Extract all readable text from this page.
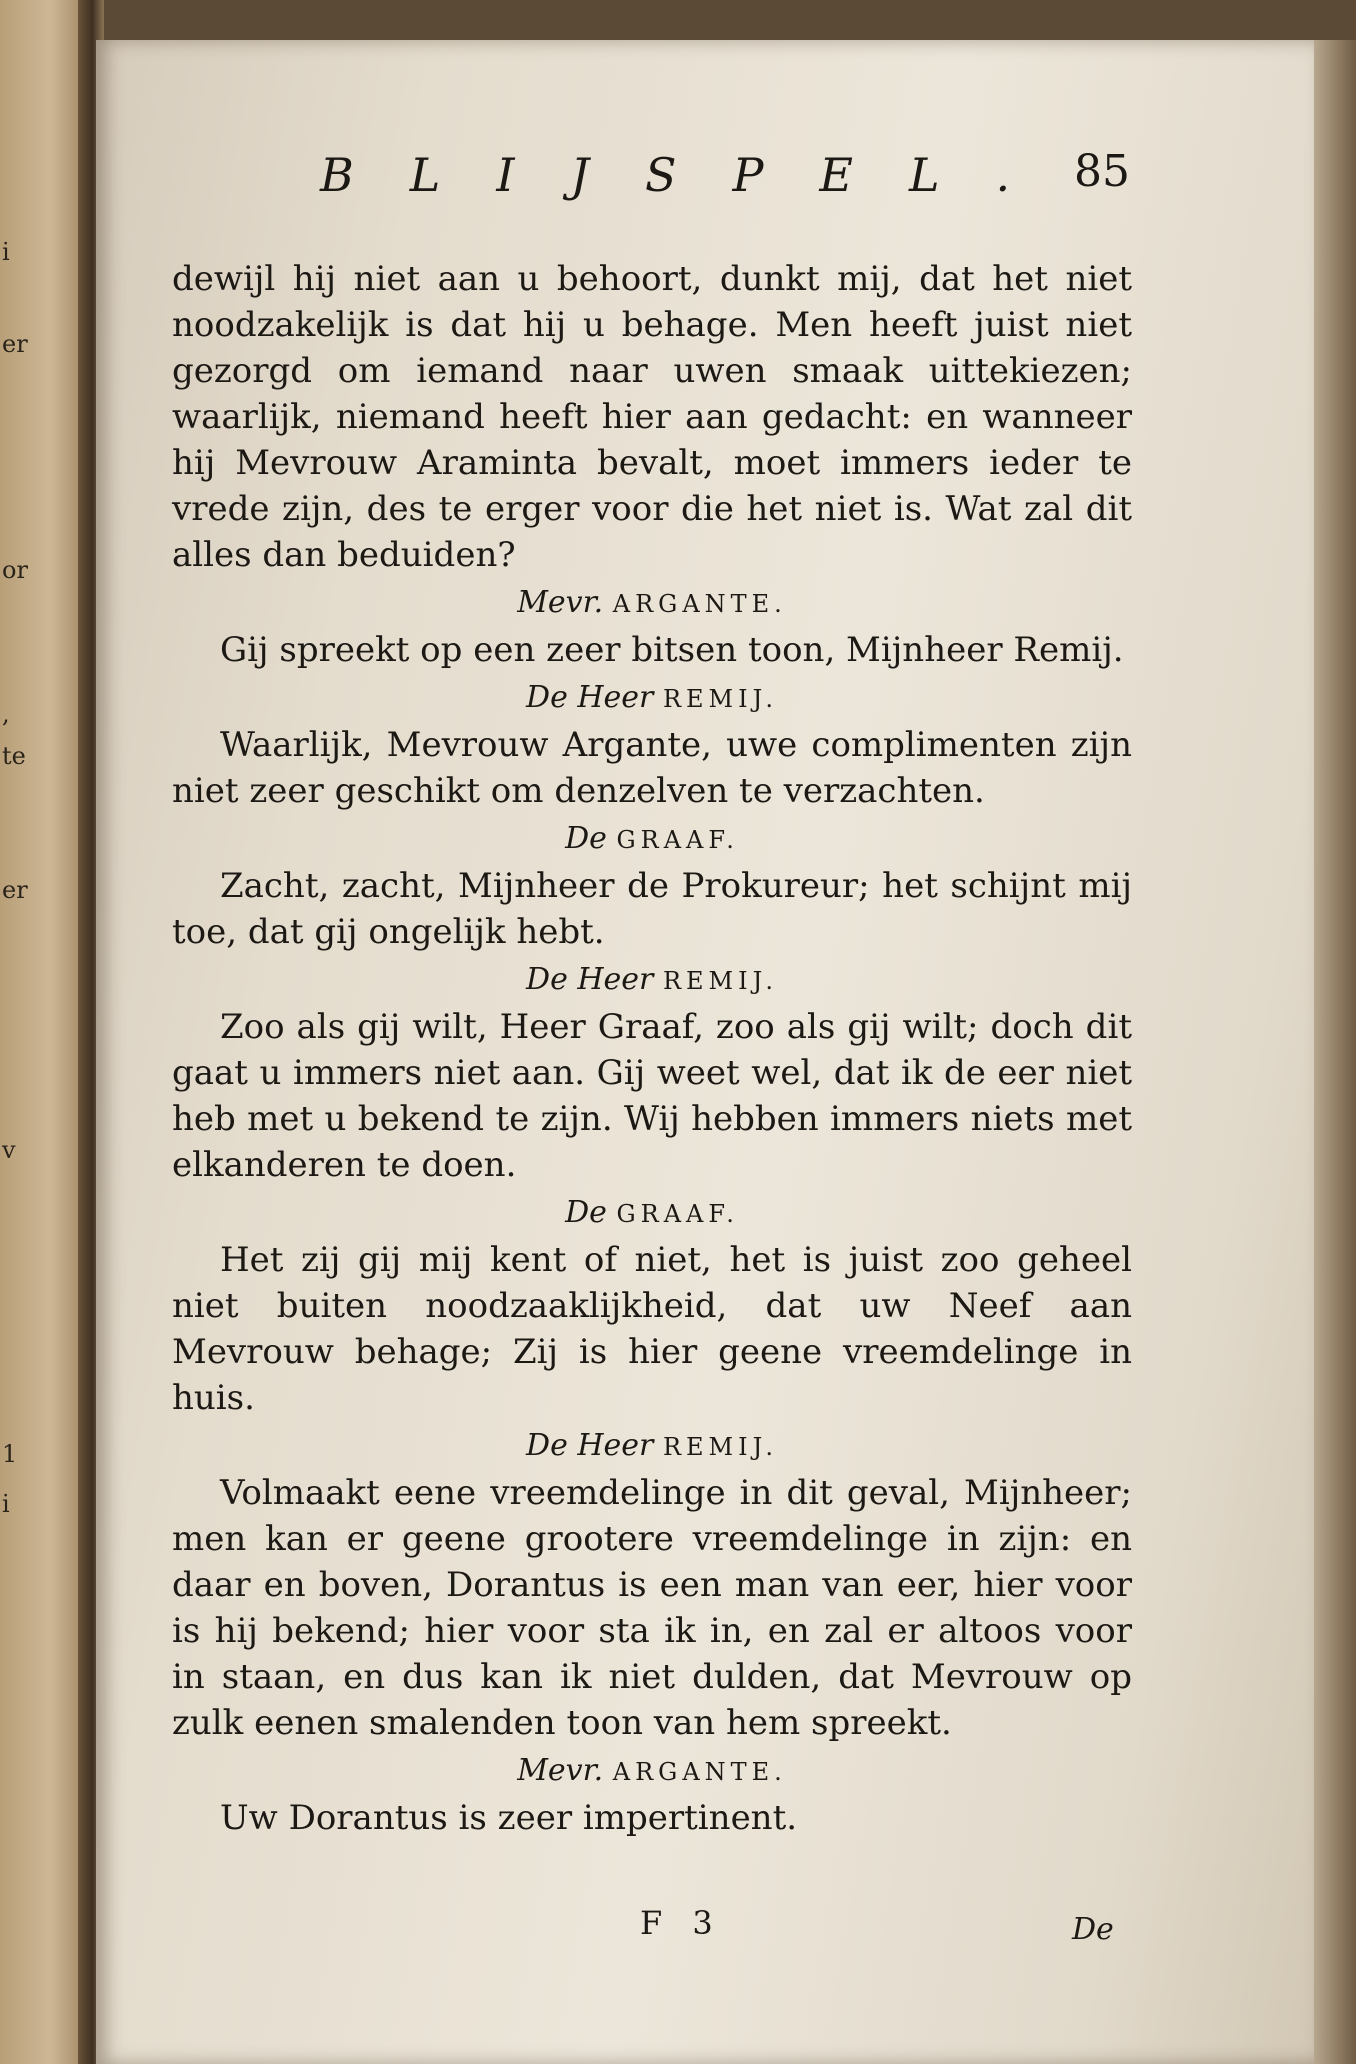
i

er

or

,

te

er

v

1

i

BLIJSPEL. 85

dewijl hij niet aan u behoort, dunkt mij, dat het niet noodzakelijk is dat hij u behage. Men heeft juist niet gezorgd om iemand naar uwen smaak uittekiezen; waarlijk, niemand heeft hier aan gedacht: en wanneer hij Mevrouw Araminta bevalt, moet immers ieder te vrede zijn, des te erger voor die het niet is. Wat zal dit alles dan beduiden?

Mevr. ARGANTE.

Gij spreekt op een zeer bitsen toon, Mijnheer Remij.

De Heer REMIJ.

Waarlijk, Mevrouw Argante, uwe complimenten zijn niet zeer geschikt om denzelven te verzachten.

De GRAAF.

Zacht, zacht, Mijnheer de Prokureur; het schijnt mij toe, dat gij ongelijk hebt.

De Heer REMIJ.

Zoo als gij wilt, Heer Graaf, zoo als gij wilt; doch dit gaat u immers niet aan. Gij weet wel, dat ik de eer niet heb met u bekend te zijn. Wij hebben immers niets met elkanderen te doen.

De GRAAF.

Het zij gij mij kent of niet, het is juist zoo geheel niet buiten noodzaaklijkheid, dat uw Neef aan Mevrouw behage; Zij is hier geene vreemdelinge in huis.

De Heer REMIJ.

Volmaakt eene vreemdelinge in dit geval, Mijnheer; men kan er geene grootere vreemdelinge in zijn: en daar en boven, Dorantus is een man van eer, hier voor is hij bekend; hier voor sta ik in, en zal er altoos voor in staan, en dus kan ik niet dulden, dat Mevrouw op zulk eenen smalenden toon van hem spreekt.

Mevr. ARGANTE.

Uw Dorantus is zeer impertinent.

F 3	De
